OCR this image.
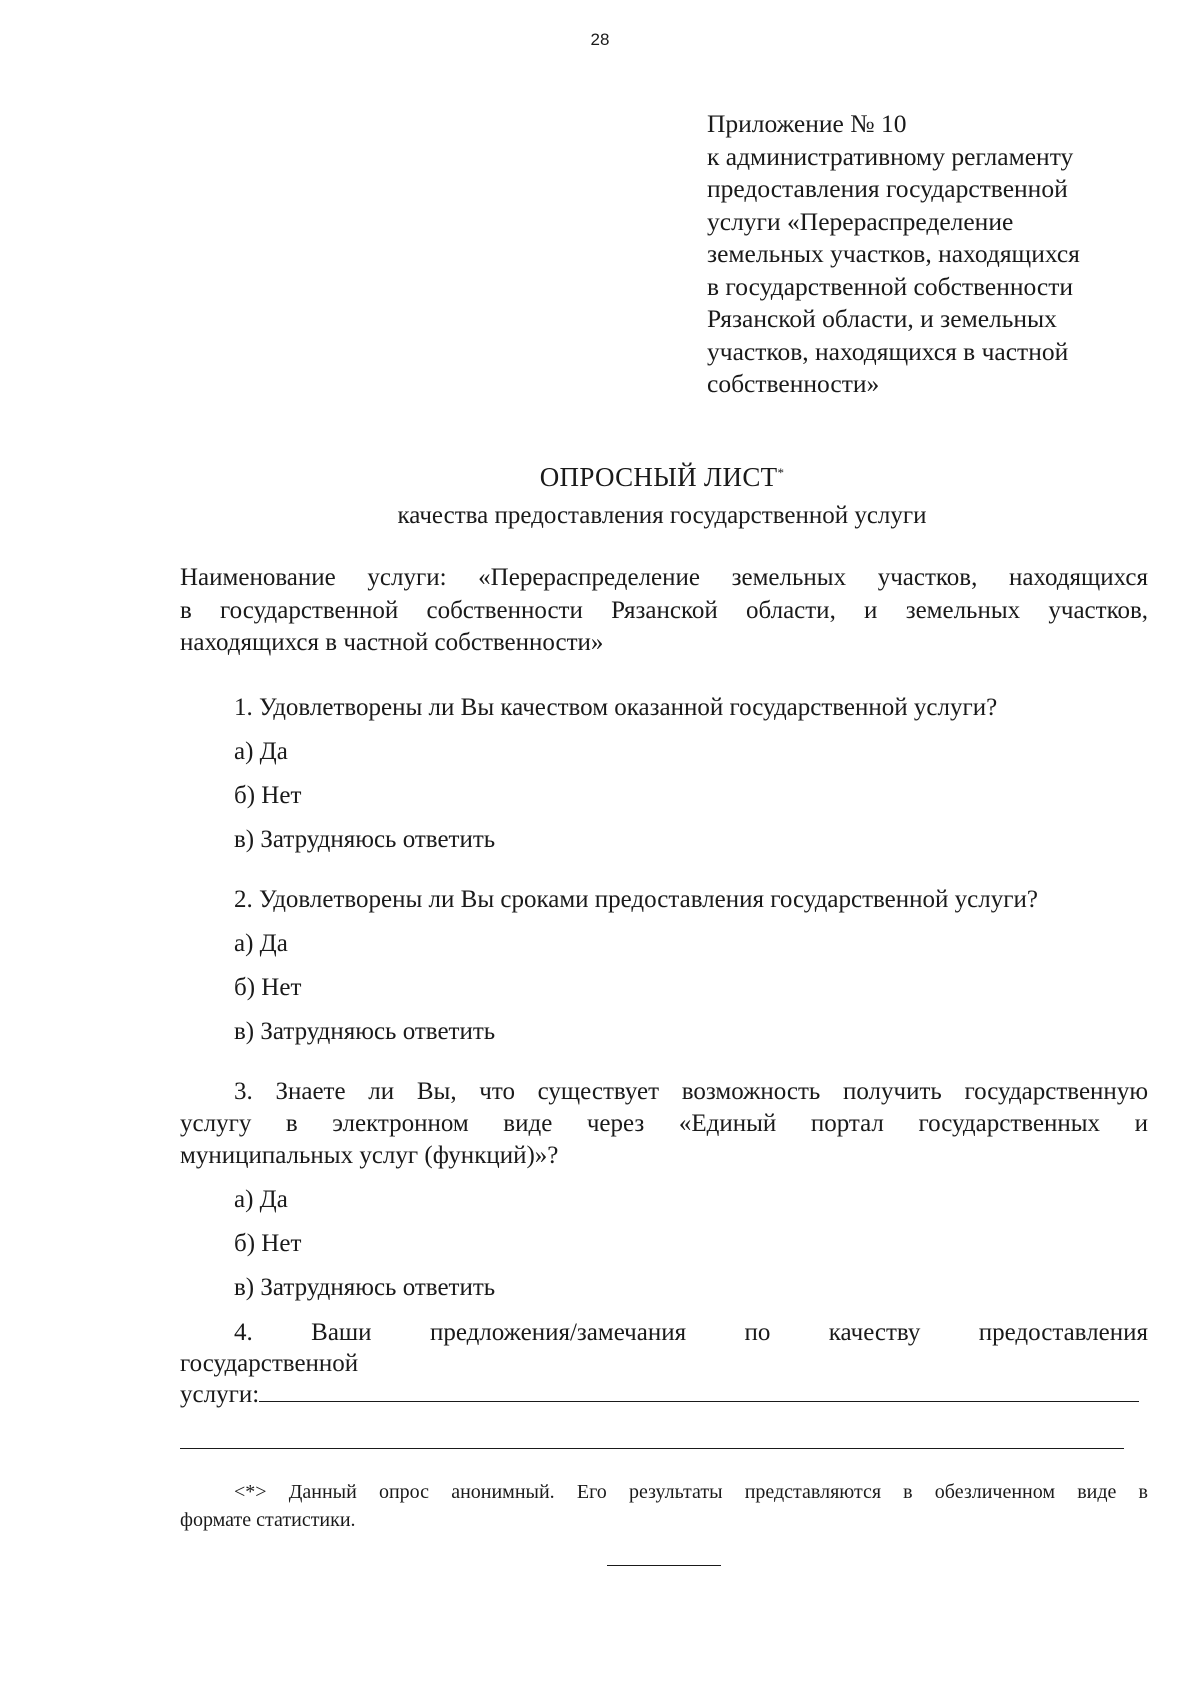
28
Приложение № 10
к административному регламенту
предоставления государственной
услуги «Перераспределение
земельных участков, находящихся
в государственной собственности
Рязанской области, и земельных
участков, находящихся в частной
собственности»
ОПРОСНЫЙ ЛИСТ*
качества предоставления государственной услуги
Наименование услуги: «Перераспределение земельных участков, находящихся
в государственной собственности Рязанской области, и земельных участков,
находящихся в частной собственности»
1. Удовлетворены ли Вы качеством оказанной государственной услуги?
а) Да
б) Нет
в) Затрудняюсь ответить
2. Удовлетворены ли Вы сроками предоставления государственной услуги?
а) Да
б) Нет
в) Затрудняюсь ответить
3. Знаете ли Вы, что существует возможность получить государственную
услугу в электронном виде через «Единый портал государственных и
муниципальных услуг (функций)»?
а) Да
б) Нет
в) Затрудняюсь ответить
4. Ваши предложения/замечания по качеству предоставления
государственной
услуги:
<*> Данный опрос анонимный. Его результаты представляются в обезличенном виде в
формате статистики.
